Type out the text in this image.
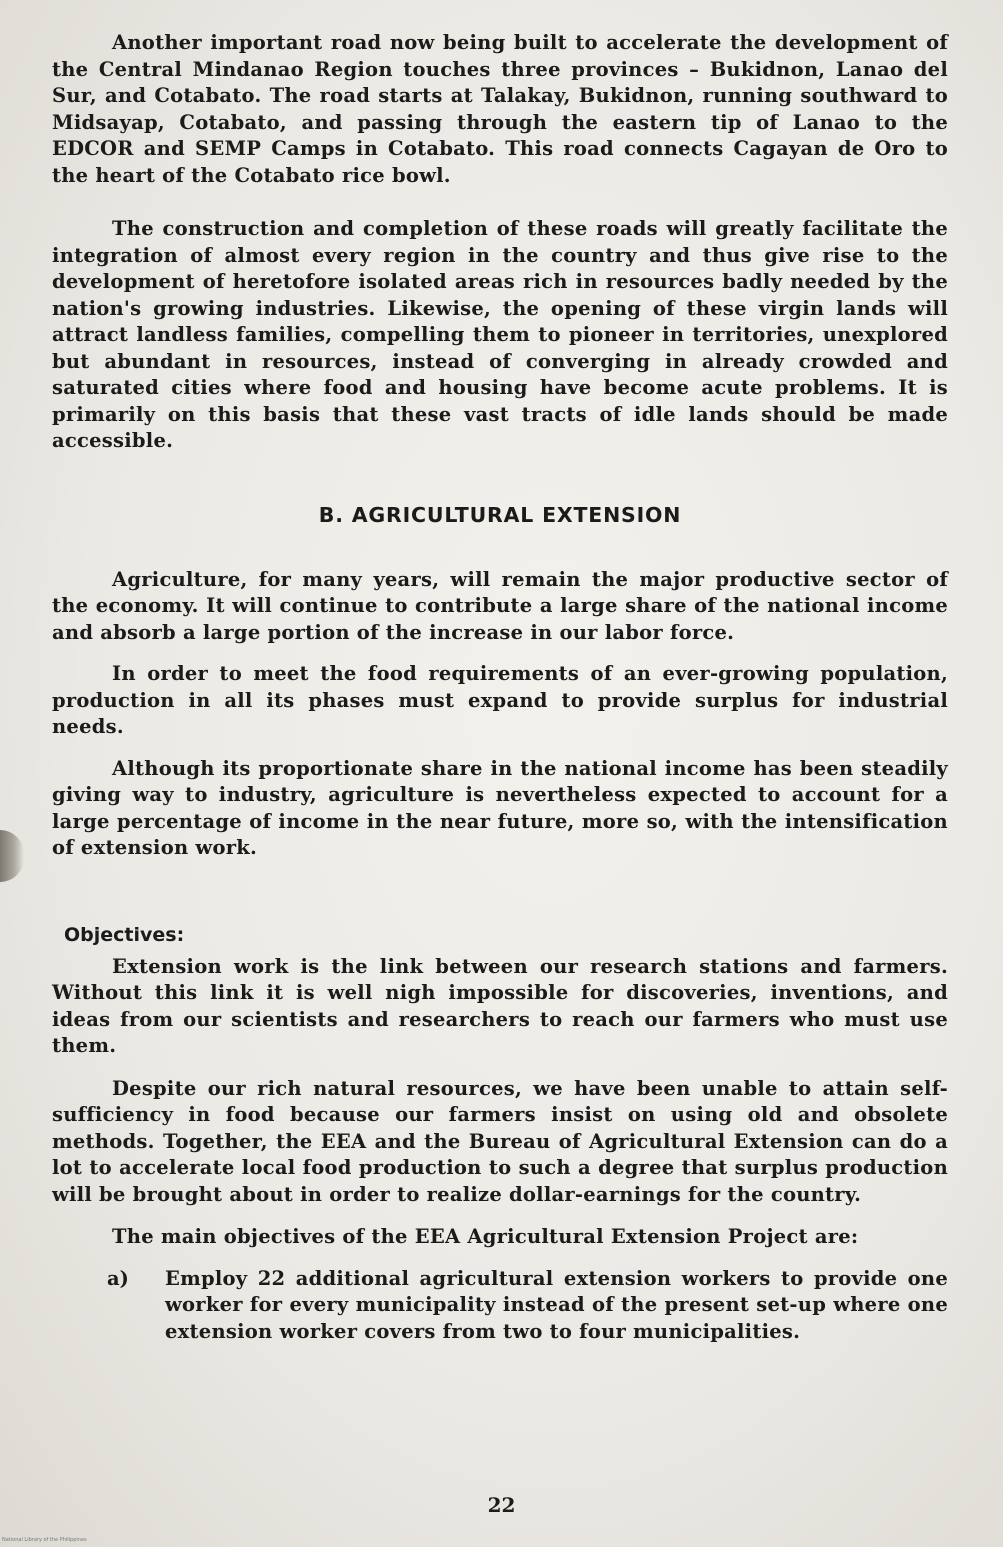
Another important road now being built to accelerate the development of the Central Mindanao Region touches three provinces – Bukidnon, Lanao del Sur, and Cotabato. The road starts at Talakay, Bukidnon, running southward to Midsayap, Cotabato, and passing through the eastern tip of Lanao to the EDCOR and SEMP Camps in Cotabato. This road connects Cagayan de Oro to the heart of the Cotabato rice bowl.

The construction and completion of these roads will greatly facilitate the integration of almost every region in the country and thus give rise to the development of heretofore isolated areas rich in resources badly needed by the nation's growing industries. Likewise, the opening of these virgin lands will attract landless families, compelling them to pioneer in territories, unexplored but abundant in resources, instead of converging in already crowded and saturated cities where food and housing have become acute problems. It is primarily on this basis that these vast tracts of idle lands should be made accessible.

B. AGRICULTURAL EXTENSION

Agriculture, for many years, will remain the major productive sector of the economy. It will continue to contribute a large share of the national income and absorb a large portion of the increase in our labor force.

In order to meet the food requirements of an ever-growing population, production in all its phases must expand to provide surplus for industrial needs.

Although its proportionate share in the national income has been steadily giving way to industry, agriculture is nevertheless expected to account for a large percentage of income in the near future, more so, with the intensification of extension work.

Objectives:

Extension work is the link between our research stations and farmers. Without this link it is well nigh impossible for discoveries, inventions, and ideas from our scientists and researchers to reach our farmers who must use them.

Despite our rich natural resources, we have been unable to attain self-sufficiency in food because our farmers insist on using old and obsolete methods. Together, the EEA and the Bureau of Agricultural Extension can do a lot to accelerate local food production to such a degree that surplus production will be brought about in order to realize dollar-earnings for the country.

The main objectives of the EEA Agricultural Extension Project are:

a)	Employ 22 additional agricultural extension workers to provide one worker for every municipality instead of the present set-up where one extension worker covers from two to four municipalities.

22
National Library of the Philippines
